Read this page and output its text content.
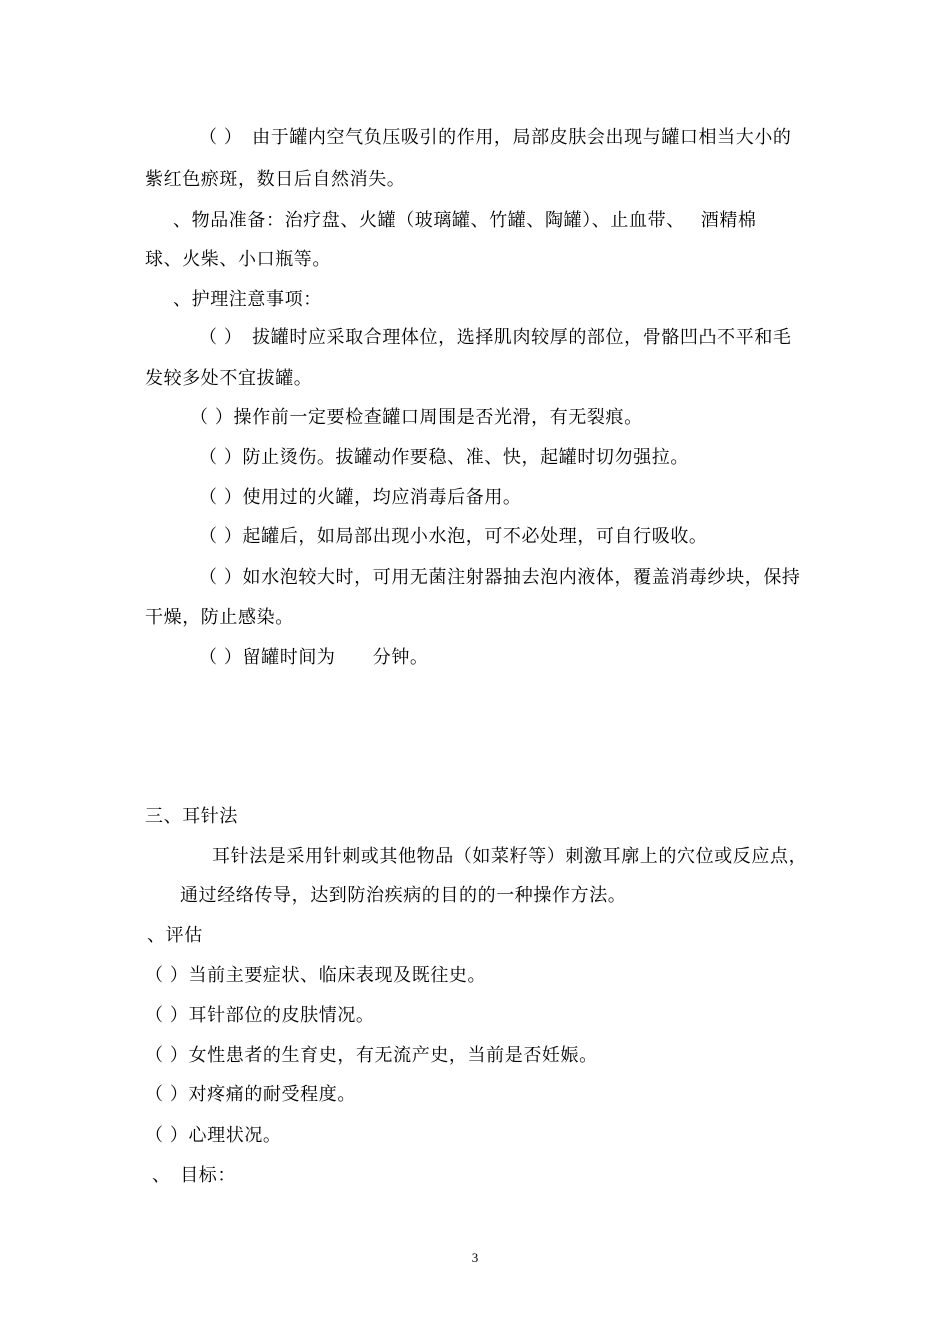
（ ）　由于罐内空气负压吸引的作用，局部皮肤会出现与罐口相当大小的
紫红色瘀斑，数日后自然消失。
、物品准备：治疗盘、火罐（玻璃罐、竹罐、陶罐）、止血带、　 酒精棉
球、火柴、小口瓶等。
、护理注意事项：
（ ）　拔罐时应采取合理体位，选择肌肉较厚的部位，骨骼凹凸不平和毛
发较多处不宜拔罐。
（ ）操作前一定要检查罐口周围是否光滑，有无裂痕。
（ ）防止烫伤。拔罐动作要稳、准、快，起罐时切勿强拉。
（ ）使用过的火罐，均应消毒后备用。
（ ）起罐后，如局部出现小水泡，可不必处理，可自行吸收。
（ ）如水泡较大时，可用无菌注射器抽去泡内液体，覆盖消毒纱块，保持
干燥，防止感染。
（ ）留罐时间为　　分钟。
三、耳针法
耳针法是采用针刺或其他物品（如菜籽等）刺激耳廓上的穴位或反应点，
通过经络传导，达到防治疾病的目的的一种操作方法。
、评估
（ ）当前主要症状、临床表现及既往史。
（ ）耳针部位的皮肤情况。
（ ）女性患者的生育史，有无流产史，当前是否妊娠。
（ ）对疼痛的耐受程度。
（ ）心理状况。
、　目标：
3
